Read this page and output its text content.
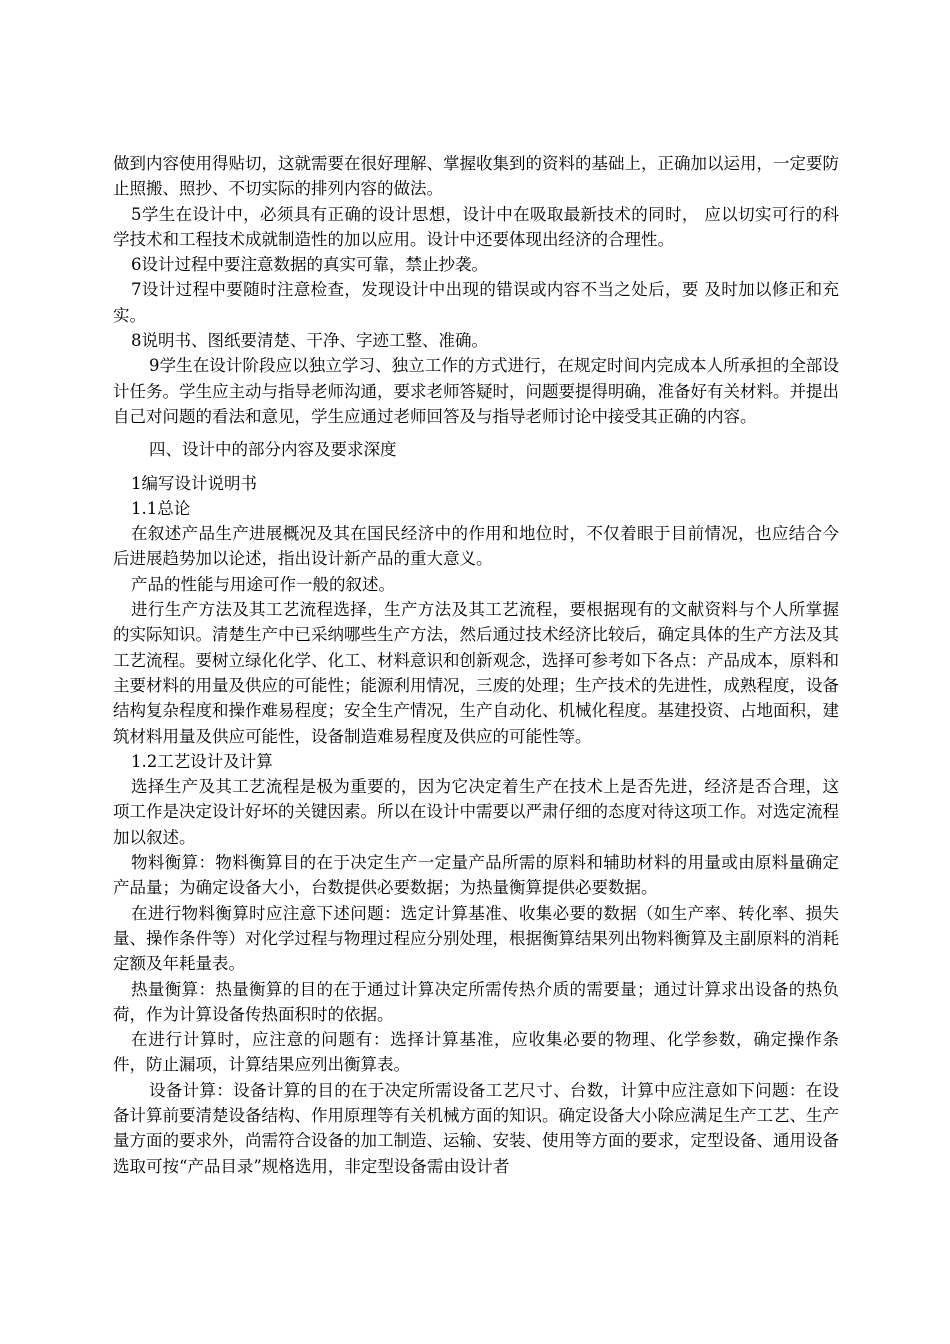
做到内容使用得贴切，这就需要在很好理解、掌握收集到的资料的基础上，正确加以运用，一定要防止照搬、照抄、不切实际的排列内容的做法。

5学生在设计中，必须具有正确的设计思想，设计中在吸取最新技术的同时， 应以切实可行的科学技术和工程技术成就制造性的加以应用。设计中还要体现出经济的合理性。

6设计过程中要注意数据的真实可靠，禁止抄袭。

7设计过程中要随时注意检查，发现设计中出现的错误或内容不当之处后，要 及时加以修正和充实。

8说明书、图纸要清楚、干净、字迹工整、准确。

9学生在设计阶段应以独立学习、独立工作的方式进行，在规定时间内完成本人所承担的全部设计任务。学生应主动与指导老师沟通，要求老师答疑时，问题要提得明确，准备好有关材料。并提出自己对问题的看法和意见，学生应通过老师回答及与指导老师讨论中接受其正确的内容。

四、设计中的部分内容及要求深度

1编写设计说明书

1.1总论

在叙述产品生产进展概况及其在国民经济中的作用和地位时，不仅着眼于目前情况，也应结合今后进展趋势加以论述，指出设计新产品的重大意义。

产品的性能与用途可作一般的叙述。

进行生产方法及其工艺流程选择，生产方法及其工艺流程，要根据现有的文献资料与个人所掌握的实际知识。清楚生产中已采纳哪些生产方法，然后通过技术经济比较后，确定具体的生产方法及其工艺流程。要树立绿化化学、化工、材料意识和创新观念，选择可参考如下各点：产品成本，原料和主要材料的用量及供应的可能性；能源利用情况，三废的处理；生产技术的先进性，成熟程度，设备结构复杂程度和操作难易程度；安全生产情况，生产自动化、机械化程度。基建投资、占地面积，建筑材料用量及供应可能性，设备制造难易程度及供应的可能性等。

1.2工艺设计及计算

选择生产及其工艺流程是极为重要的，因为它决定着生产在技术上是否先进，经济是否合理，这项工作是决定设计好坏的关键因素。所以在设计中需要以严肃仔细的态度对待这项工作。对选定流程加以叙述。

物料衡算：物料衡算目的在于决定生产一定量产品所需的原料和辅助材料的用量或由原料量确定产品量；为确定设备大小，台数提供必要数据；为热量衡算提供必要数据。

在进行物料衡算时应注意下述问题：选定计算基准、收集必要的数据（如生产率、转化率、损失量、操作条件等）对化学过程与物理过程应分别处理，根据衡算结果列出物料衡算及主副原料的消耗定额及年耗量表。

热量衡算：热量衡算的目的在于通过计算决定所需传热介质的需要量；通过计算求出设备的热负荷，作为计算设备传热面积时的依据。

在进行计算时，应注意的问题有：选择计算基准，应收集必要的物理、化学参数，确定操作条件，防止漏项，计算结果应列出衡算表。

设备计算：设备计算的目的在于决定所需设备工艺尺寸、台数，计算中应注意如下问题：在设备计算前要清楚设备结构、作用原理等有关机械方面的知识。确定设备大小除应满足生产工艺、生产量方面的要求外，尚需符合设备的加工制造、运输、安装、使用等方面的要求，定型设备、通用设备选取可按“产品目录”规格选用，非定型设备需由设计者
